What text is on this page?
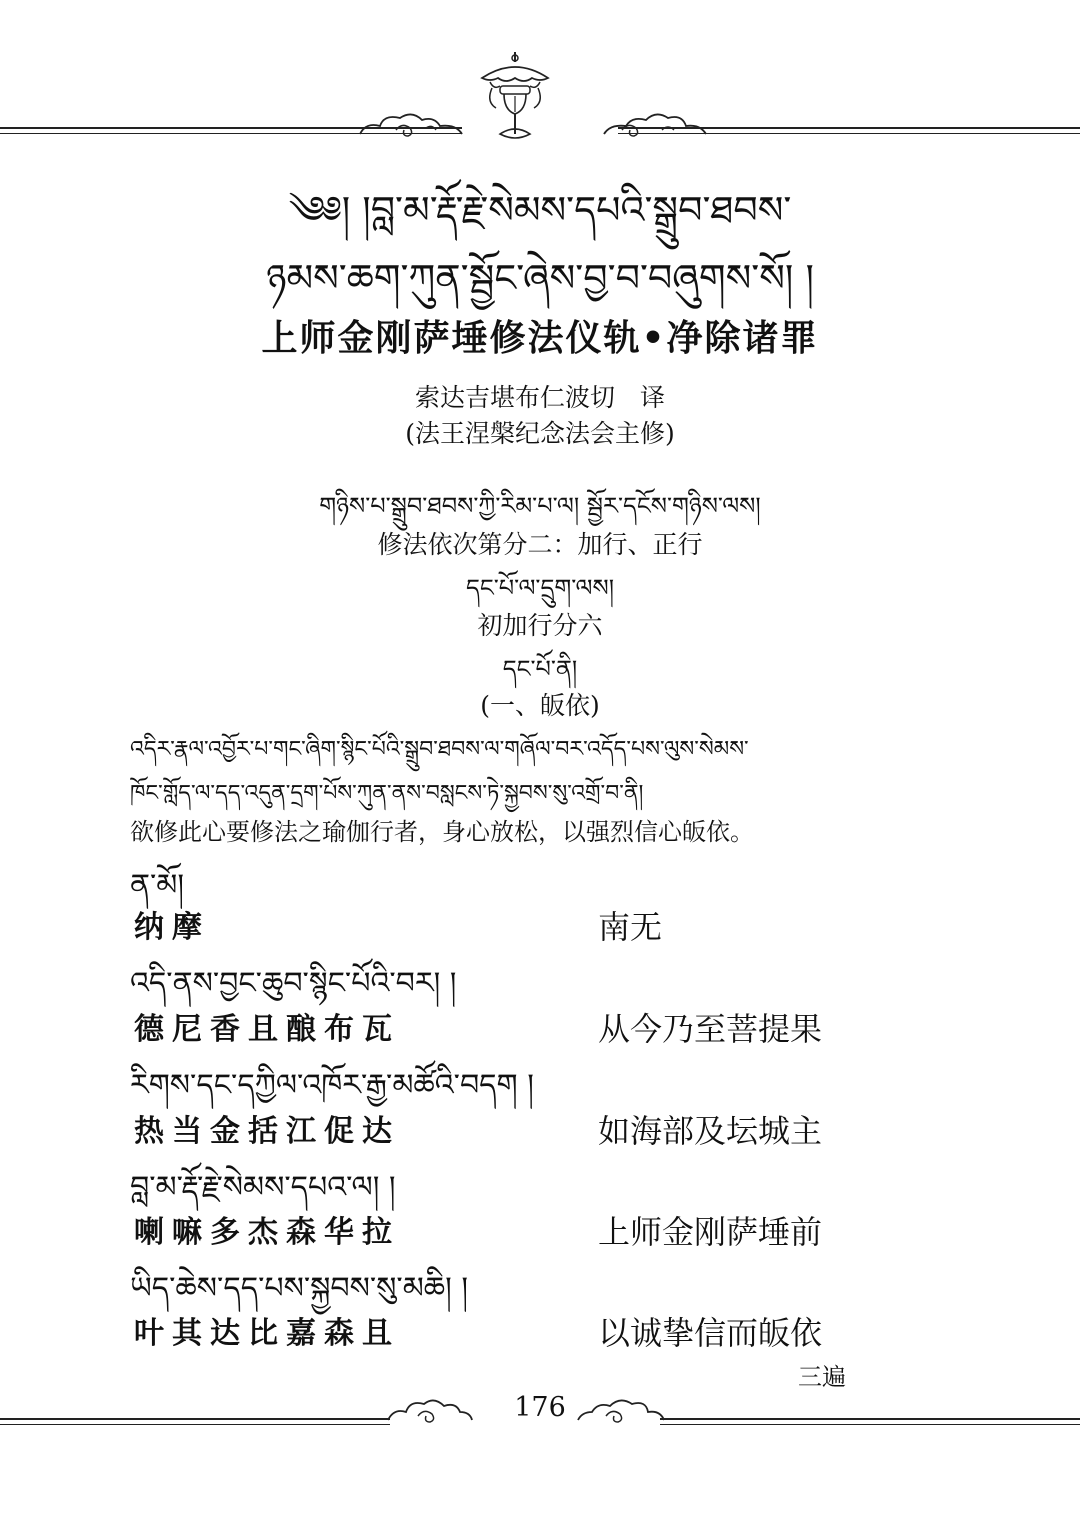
༄༅། །བླ་མ་རྡོ་རྗེ་སེམས་དཔའི་སྒྲུབ་ཐབས་
ཉམས་ཆག་ཀུན་སྦྱོང་ཞེས་བྱ་བ་བཞུགས་སོ། །
上师金刚萨埵修法仪轨•净除诸罪
索达吉堪布仁波切　译
(法王涅槃纪念法会主修)
གཉིས་པ་སྒྲུབ་ཐབས་ཀྱི་རིམ་པ་ལ། སྦྱོར་དངོས་གཉིས་ལས།
修法依次第分二：加行、正行
དང་པོ་ལ་དྲུག་ལས།
初加行分六
དང་པོ་ནི།
(一、皈依)
འདིར་རྣལ་འབྱོར་པ་གང་ཞིག་སྙིང་པོའི་སྒྲུབ་ཐབས་ལ་གཞོལ་བར་འདོད་པས་ལུས་སེམས་
ཁོང་གློད་ལ་དད་འདུན་དྲག་པོས་ཀུན་ནས་བསླངས་ཏེ་སྐྱབས་སུ་འགྲོ་བ་ནི།
欲修此心要修法之瑜伽行者，身心放松，以强烈信心皈依。
ན་མོ།
纳摩	南无
འདི་ནས་བྱང་ཆུབ་སྙིང་པོའི་བར། །
德尼香且酿布瓦	从今乃至菩提果
རིགས་དང་དཀྱིལ་འཁོར་རྒྱ་མཚོའི་བདག །
热当金括江促达	如海部及坛城主
བླ་མ་རྡོ་རྗེ་སེམས་དཔའ་ལ། །
喇嘛多杰森华拉	上师金刚萨埵前
ཡིད་ཆེས་དད་པས་སྐྱབས་སུ་མཆི། །
叶其达比嘉森且	以诚挚信而皈依
三遍
176
